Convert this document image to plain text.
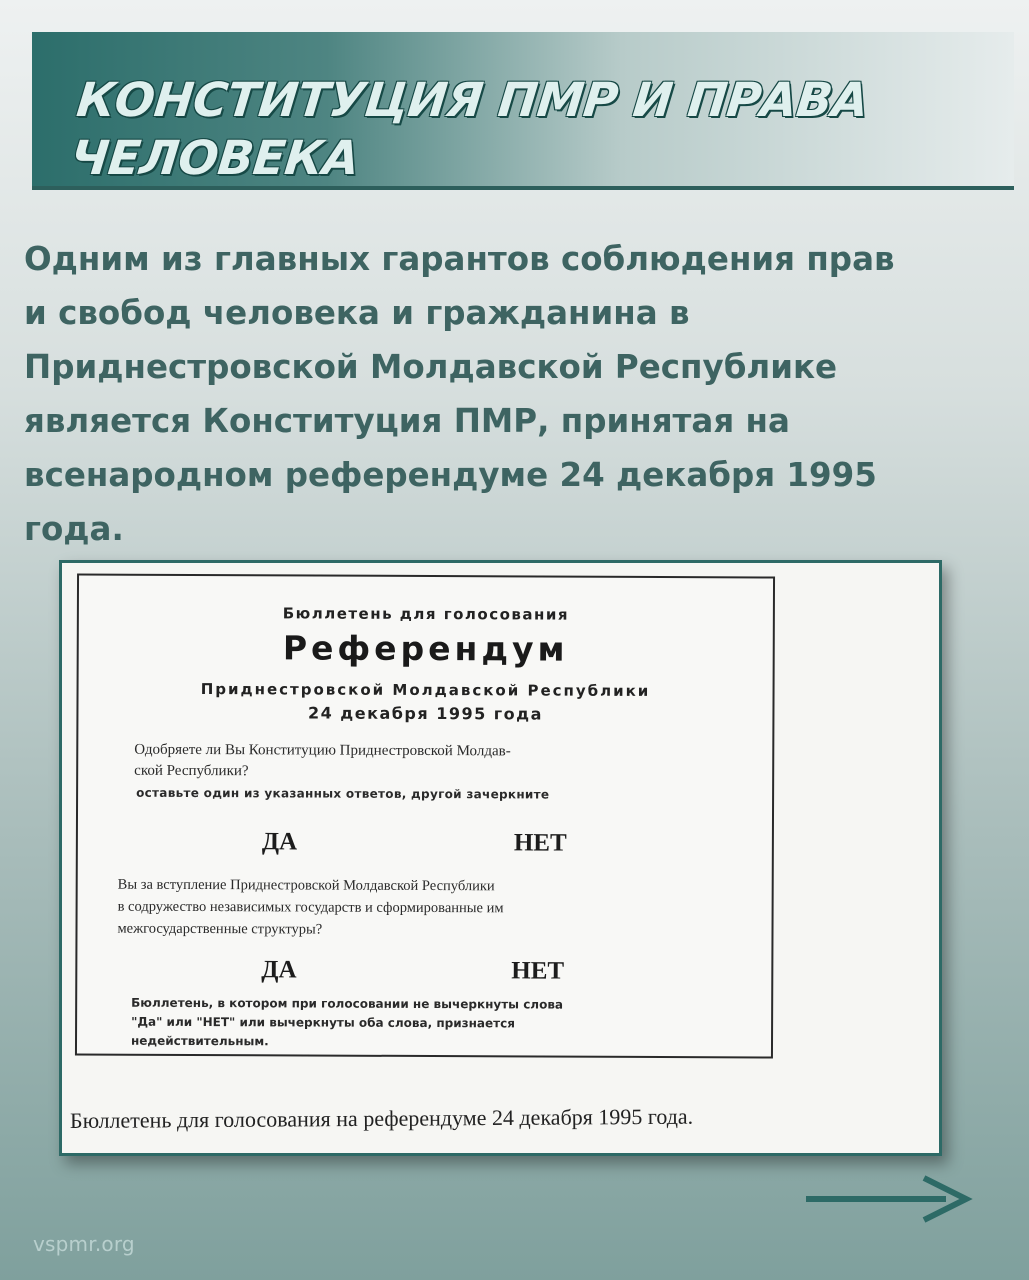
КОНСТИТУЦИЯ ПМР И ПРАВА
ЧЕЛОВЕКА
Одним из главных гарантов соблюдения прав
и свобод человека и гражданина в
Приднестровской Молдавской Республике
является Конституция ПМР, принятая на
всенародном референдуме 24 декабря 1995
года.
Бюллетень для голосования
Референдум
Приднестровской Молдавской Республики
24 декабря 1995 года
Одобряете ли Вы Конституцию Приднестровской Молдав-
ской Республики?
оставьте один из указанных ответов, другой зачеркните
ДА	НЕТ
Вы за вступление Приднестровской Молдавской Республики
в содружество независимых государств и сформированные им
межгосударственные структуры?
ДА	НЕТ
Бюллетень, в котором при голосовании не вычеркнуты слова
"Да" или "НЕТ" или вычеркнуты оба слова, признается
недействительным.
Бюллетень для голосования на референдуме 24 декабря 1995 года.
vspmr.org
